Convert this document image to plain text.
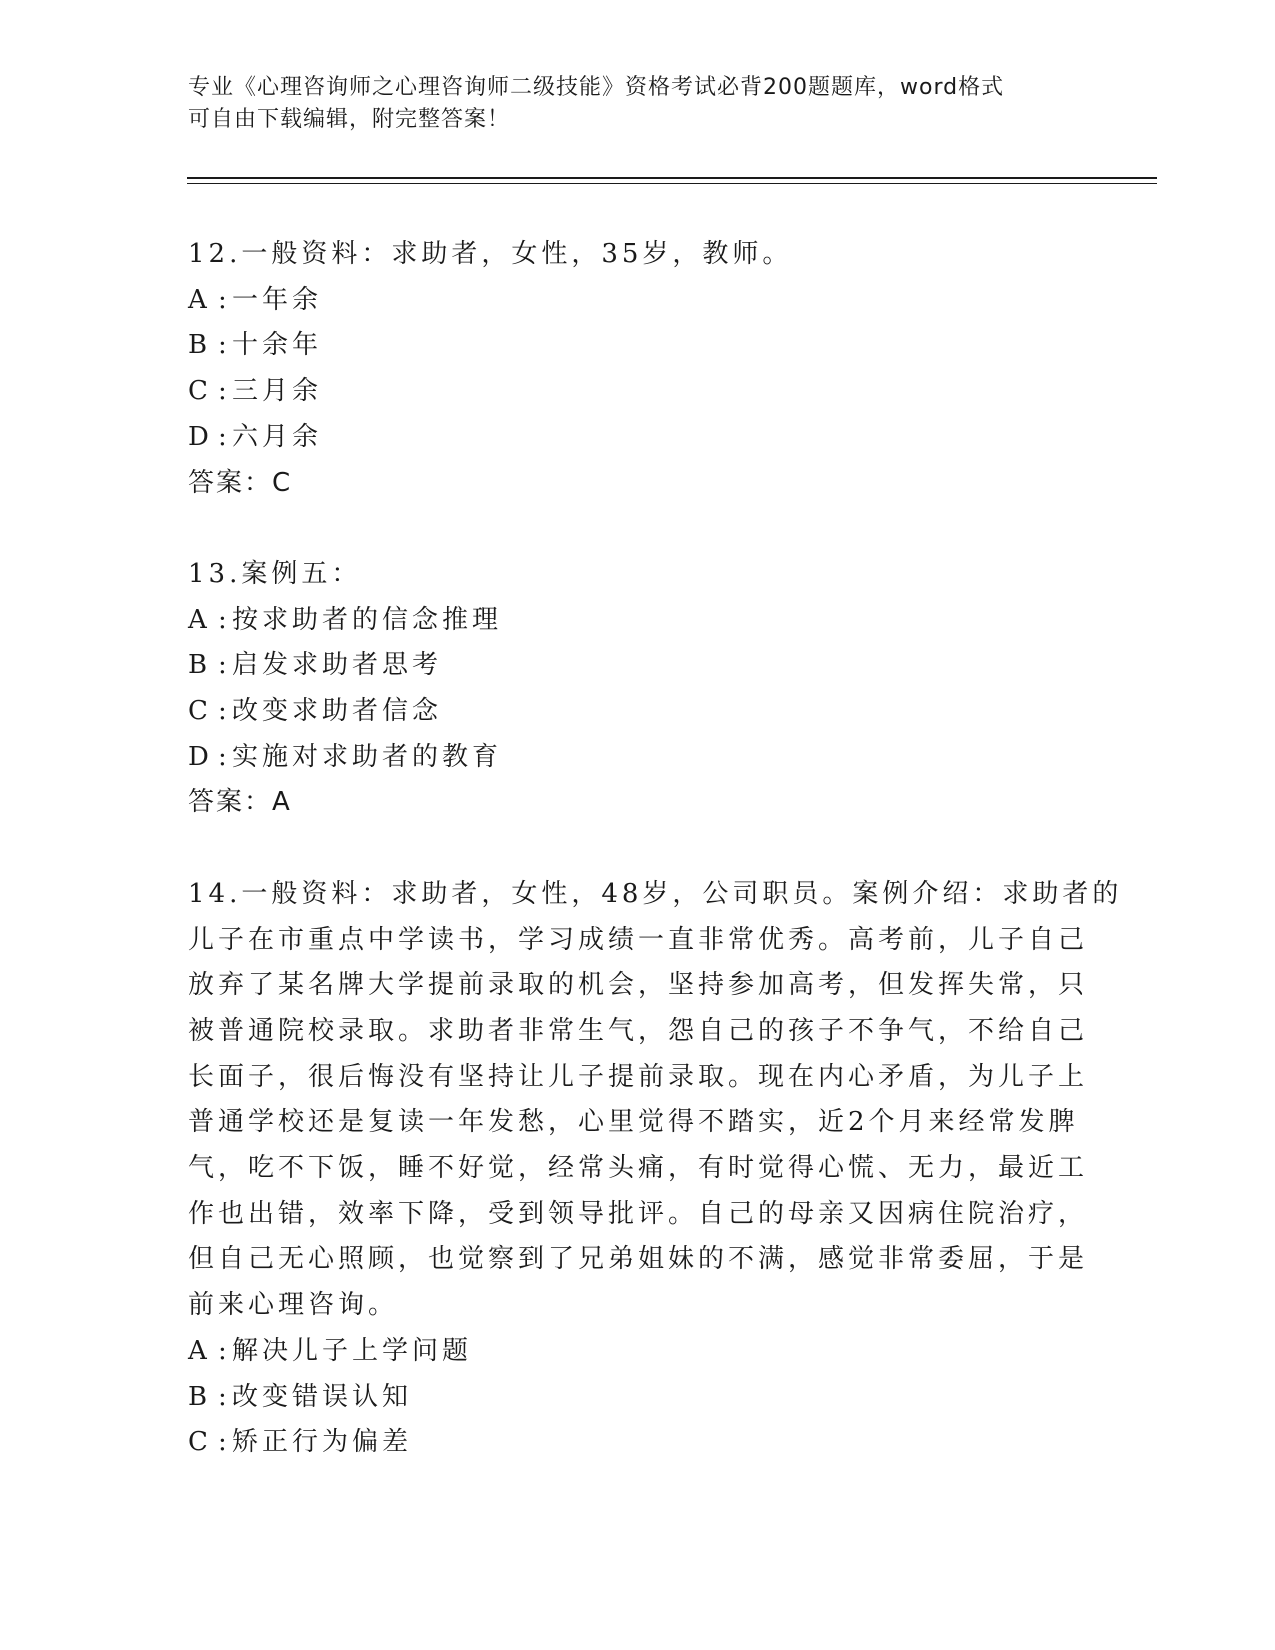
专业《心理咨询师之心理咨询师二级技能》资格考试必背200题题库，word格式
可自由下载编辑，附完整答案！
12.一般资料：求助者，女性，35岁，教师。
A : 一年余
B : 十余年
C : 三月余
D : 六月余
答案：C
13.案例五：
A : 按求助者的信念推理
B : 启发求助者思考
C : 改变求助者信念
D : 实施对求助者的教育
答案：A
14.一般资料：求助者，女性，48岁，公司职员。案例介绍：求助者的
儿子在市重点中学读书，学习成绩一直非常优秀。高考前，儿子自己
放弃了某名牌大学提前录取的机会，坚持参加高考，但发挥失常，只
被普通院校录取。求助者非常生气，怨自己的孩子不争气，不给自己
长面子，很后悔没有坚持让儿子提前录取。现在内心矛盾，为儿子上
普通学校还是复读一年发愁，心里觉得不踏实，近2个月来经常发脾
气，吃不下饭，睡不好觉，经常头痛，有时觉得心慌、无力，最近工
作也出错，效率下降，受到领导批评。自己的母亲又因病住院治疗，
但自己无心照顾，也觉察到了兄弟姐妹的不满，感觉非常委屈，于是
前来心理咨询。
A : 解决儿子上学问题
B : 改变错误认知
C : 矫正行为偏差
